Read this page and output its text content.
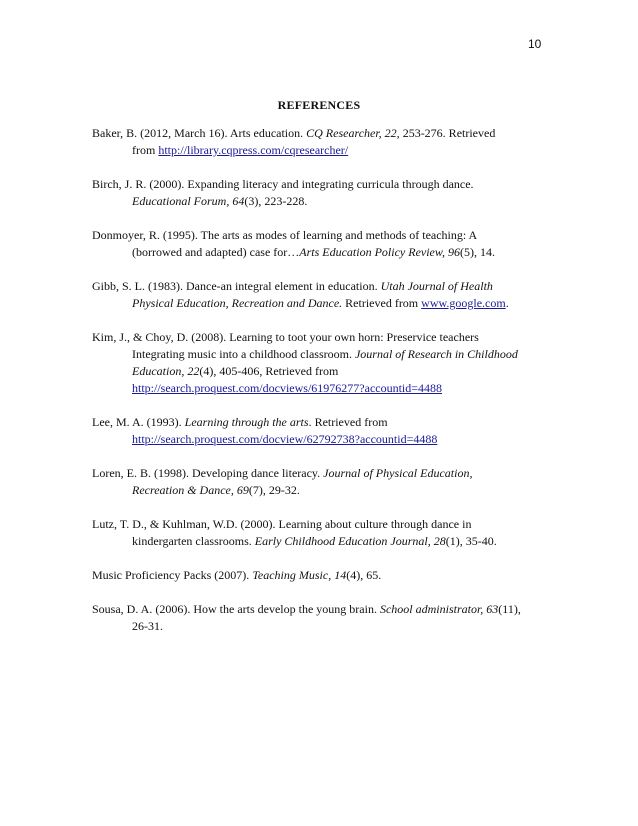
10
REFERENCES
Baker, B. (2012, March 16). Arts education. CQ Researcher, 22, 253-276. Retrieved
from http://library.cqpress.com/cqresearcher/
Birch, J. R. (2000). Expanding literacy and integrating curricula through dance.
Educational Forum, 64(3), 223-228.
Donmoyer, R. (1995). The arts as modes of learning and methods of teaching: A
(borrowed and adapted) case for…Arts Education Policy Review, 96(5), 14.
Gibb, S. L. (1983). Dance-an integral element in education. Utah Journal of Health
Physical Education, Recreation and Dance. Retrieved from www.google.com.
Kim, J., & Choy, D. (2008). Learning to toot your own horn: Preservice teachers
Integrating music into a childhood classroom. Journal of Research in Childhood
Education, 22(4), 405-406, Retrieved from
http://search.proquest.com/docviews/61976277?accountid=4488
Lee, M. A. (1993). Learning through the arts. Retrieved from
http://search.proquest.com/docview/62792738?accountid=4488
Loren, E. B. (1998). Developing dance literacy. Journal of Physical Education,
Recreation & Dance, 69(7), 29-32.
Lutz, T. D., & Kuhlman, W.D. (2000). Learning about culture through dance in
kindergarten classrooms. Early Childhood Education Journal, 28(1), 35-40.
Music Proficiency Packs (2007). Teaching Music, 14(4), 65.
Sousa, D. A. (2006). How the arts develop the young brain. School administrator, 63(11),
26-31.
